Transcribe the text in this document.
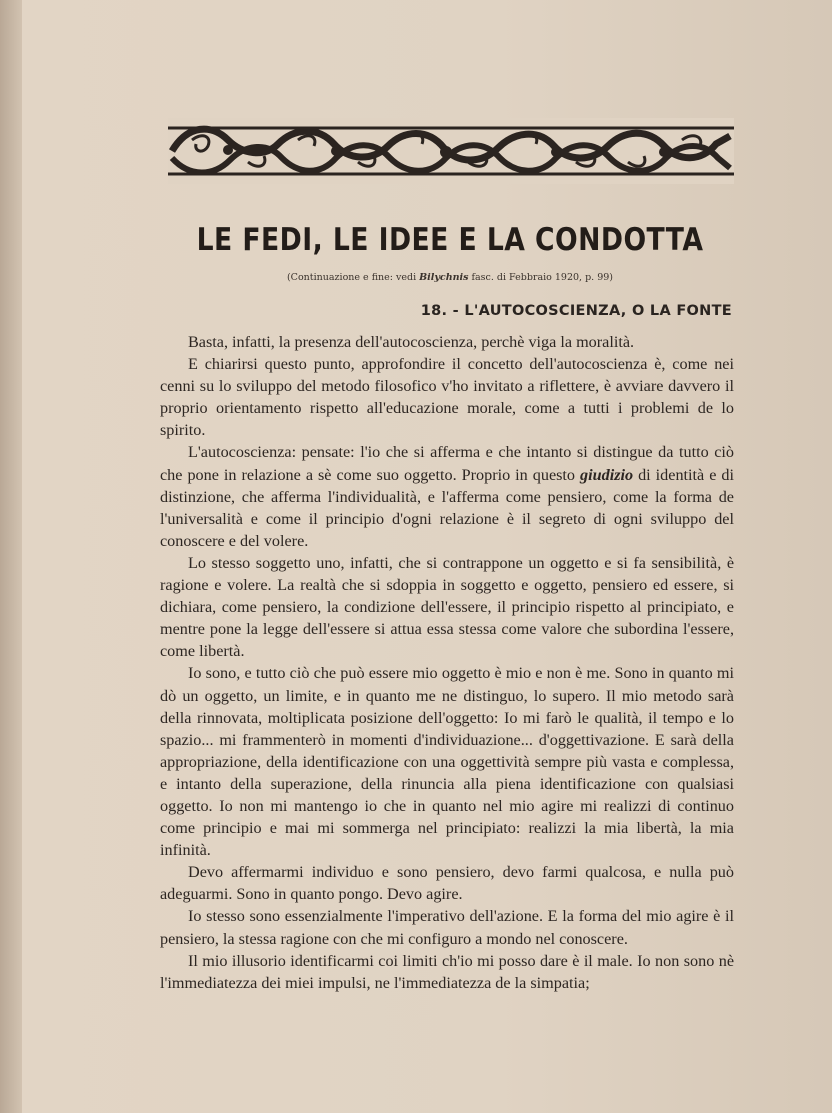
LE FEDI, LE IDEE E LA CONDOTTA
(Continuazione e fine: vedi Bilychnis fasc. di Febbraio 1920, p. 99)
18. - L'AUTOCOSCIENZA, O LA FONTE

Basta, infatti, la presenza dell'autocoscienza, perchè viga la moralità.

E chiarirsi questo punto, approfondire il concetto dell'autocoscienza è, come nei cenni su lo sviluppo del metodo filosofico v'ho invitato a riflettere, è avviare davvero il proprio orientamento rispetto all'educazione morale, come a tutti i problemi de lo spirito.

L'autocoscienza: pensate: l'io che si afferma e che intanto si distingue da tutto ciò che pone in relazione a sè come suo oggetto. Proprio in questo giudizio di identità e di distinzione, che afferma l'individualità, e l'afferma come pensiero, come la forma de l'universalità e come il principio d'ogni relazione è il segreto di ogni sviluppo del conoscere e del volere.

Lo stesso soggetto uno, infatti, che si contrappone un oggetto e si fa sensibilità, è ragione e volere. La realtà che si sdoppia in soggetto e oggetto, pensiero ed essere, si dichiara, come pensiero, la condizione dell'essere, il principio rispetto al principiato, e mentre pone la legge dell'essere si attua essa stessa come valore che subordina l'essere, come libertà.

Io sono, e tutto ciò che può essere mio oggetto è mio e non è me. Sono in quanto mi dò un oggetto, un limite, e in quanto me ne distinguo, lo supero. Il mio metodo sarà della rinnovata, moltiplicata posizione dell'oggetto: Io mi farò le qualità, il tempo e lo spazio... mi frammenterò in momenti d'individuazione... d'oggettivazione. E sarà della appropriazione, della identificazione con una oggettività sempre più vasta e complessa, e intanto della superazione, della rinuncia alla piena identificazione con qualsiasi oggetto. Io non mi mantengo io che in quanto nel mio agire mi realizzi di continuo come principio e mai mi sommerga nel principiato: realizzi la mia libertà, la mia infinità.

Devo affermarmi individuo e sono pensiero, devo farmi qualcosa, e nulla può adeguarmi. Sono in quanto pongo. Devo agire.

Io stesso sono essenzialmente l'imperativo dell'azione. E la forma del mio agire è il pensiero, la stessa ragione con che mi configuro a mondo nel conoscere.

Il mio illusorio identificarmi coi limiti ch'io mi posso dare è il male. Io non sono nè l'immediatezza dei miei impulsi, ne l'immediatezza de la simpatia;
